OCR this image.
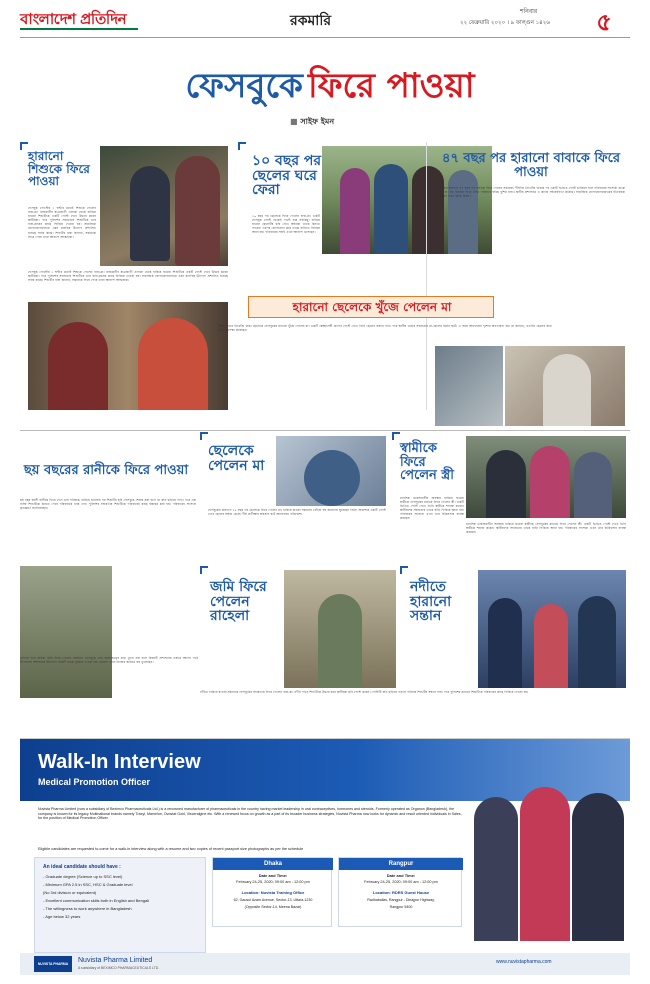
বাংলাদেশ প্রতিদিন	রকমারি
শনিবার
২২ ফেব্রুয়ারি ২০২০ । ৯ ফাল্গুন ১৪২৬	৫
ফেসবুকে ফিরে পাওয়া
■ সাইফ ইমন
হারানো শিশুকে ফিরে পাওয়া
ফেসবুক পোস্টের ১ ঘণ্টার মধ্যেই শিশুকে পেলেন বাবা-মা। রাজধানীর যাত্রাবাড়ী এলাকা থেকে হারিয়ে যাওয়া শিশুটিকে একটি পোস্ট দেখে উদ্ধার করেন স্থানীয়রা। পরে পুলিশের সহায়তায় শিশুটিকে তার বাবা-মায়ের কাছে ফিরিয়ে দেওয়া হয়। সামাজিক যোগাযোগমাধ্যমে এমন মানবিক উদ্যোগ প্রশংসিত হয়েছে সবার কাছে। শিশুটির বাবা জানান, সন্তানকে ফিরে পেয়ে তারা আনন্দে আত্মহারা।
ফেসবুক পোস্টের ১ ঘণ্টার মধ্যেই শিশুকে পেলেন বাবা-মা। রাজধানীর যাত্রাবাড়ী এলাকা থেকে হারিয়ে যাওয়া শিশুটিকে একটি পোস্ট দেখে উদ্ধার করেন স্থানীয়রা। পরে পুলিশের সহায়তায় শিশুটিকে তার বাবা-মায়ের কাছে ফিরিয়ে দেওয়া হয়। সামাজিক যোগাযোগমাধ্যমে এমন মানবিক উদ্যোগ প্রশংসিত হয়েছে সবার কাছে। শিশুটির বাবা জানান, সন্তানকে ফিরে পেয়ে তারা আনন্দে আত্মহারা।
১০ বছর পর ছেলের ঘরে ফেরা
১০ বছর পর ছেলেকে ফিরে পেলেন বাবা-মা। একটি ফেসবুক পোস্ট থেকেই পাল্টে যায় সবকিছু। হারিয়ে যাওয়া ছেলেটির ছবি দেখে স্বজনরা তাকে চিনতে পারেন। এরপর যোগাযোগ করে তাকে বাড়িতে ফিরিয়ে আনা হয়। পরিবারের সবাই এখন আনন্দে ভাসছেন।
৪৭ বছর পর হারানো বাবাকে ফিরে পাওয়া
ফেসবুকের কল্যাণে ৪৭ বছর পর বাবাকে ফিরে পেলেন সন্তানরা। দীর্ঘদিন নিখোঁজ থাকার পর একটি ভিডিও পোস্ট ভাইরাল হলে পরিবারের সদস্যরা তাকে খুঁজে পান। বৃদ্ধ বাবাকে ফিরে পেয়ে পরিবারে বইছে খুশির বন্যা। স্থানীয় প্রশাসনও এ কাজে সহযোগিতা করেছে। সামাজিক যোগাযোগমাধ্যমের ইতিবাচক ব্যবহারের এমন দৃষ্টান্ত বিরল।
হারানো ছেলেকে খুঁজে পেলেন মা
দীর্ঘদিন ধরে নিখোঁজ থাকা ছেলেকে ফেসবুকের মাধ্যমে খুঁজে পেলেন মা। একটি স্বেচ্ছাসেবী গ্রুপের পোস্ট দেখে তিনি ছেলের সন্ধান পান। পরে স্থানীয় থানার সহায়তায় মা-ছেলের মিলন ঘটে। এ সময় আবেগঘন দৃশ্যের অবতারণা হয়। মা জানান, এতদিন ছেলের জন্য তিনি অপেক্ষা করেছেন।
ছয় বছরের রানীকে ফিরে পাওয়া
ছয় বছর বয়সী রানীকে ফিরে পেল তার পরিবার। হারিয়ে যাওয়ার পর শিশুটির ছবি ফেসবুকে শেয়ার করা হলে তা দ্রুত ছড়িয়ে পড়ে। পরে এক ব্যক্তি শিশুটিকে চিনতে পেরে পরিবারকে খবর দেন। পুলিশের সহায়তায় শিশুটিকে পরিবারের কাছে হস্তান্তর করা হয়। পরিবারের সদস্যরা কৃতজ্ঞতা জানিয়েছেন।
ছেলেকে পেলেন মা
ফেসবুকের কল্যাণে ১৫ বছর পর ছেলেকে ফিরে পেলেন মা। হারিয়ে যাওয়া সন্তানের খোঁজে বহু জায়গায় ঘুরেছেন তিনি। অবশেষে একটি পোস্ট দেখে ছেলের সন্ধান মেলে। দীর্ঘ প্রতীক্ষার অবসান ঘটে আবেগঘন পরিবেশে।
স্বামীকে ফিরে পেলেন স্ত্রী
মানসিক ভারসাম্যহীন অবস্থায় হারিয়ে যাওয়া স্বামীকে ফেসবুকের মাধ্যমে ফিরে পেলেন স্ত্রী। একটি ভিডিও পোস্ট দেখে তিনি স্বামীকে শনাক্ত করেন। স্থানীয়দের সহায়তায় তাকে বাড়ি ফিরিয়ে আনা হয়। পরিবারের সদস্যরা এখন তার চিকিৎসার ব্যবস্থা করছেন।
মানসিক ভারসাম্যহীন অবস্থায় হারিয়ে যাওয়া স্বামীকে ফেসবুকের মাধ্যমে ফিরে পেলেন স্ত্রী। একটি ভিডিও পোস্ট দেখে তিনি স্বামীকে শনাক্ত করেন। স্থানীয়দের সহায়তায় তাকে বাড়ি ফিরিয়ে আনা হয়। পরিবারের সদস্যরা এখন তার চিকিৎসার ব্যবস্থা করছেন।
জমি ফিরে পেলেন রাহেলা
নদীতে হারানো সন্তান
বেদখল হয়ে যাওয়া জমি ফিরে পেলেন রাহেলা। ফেসবুকে তার অসহায়ত্বের কথা তুলে ধরা হলে বিষয়টি প্রশাসনের নজরে আসে। পরে উপজেলা প্রশাসনের উদ্যোগে জমিটি তাকে বুঝিয়ে দেওয়া হয়। রাহেলা এখন নিজের জমিতে ঘর তুলেছেন।
নদীতে হারিয়ে যাওয়া সন্তানকে ফেসবুকের সহায়তায় ফিরে পেলেন বাবা-মা। নদীর পাড়ে শিশুটিকে উদ্ধার করে স্থানীয়রা ছবি পোস্ট করেন। পোস্টটি দ্রুত ছড়িয়ে পড়লে পরিবার শিশুটির সন্ধান পায়। পরে পুলিশের মাধ্যমে শিশুটিকে পরিবারের কাছে ফিরিয়ে দেওয়া হয়।
Walk-In Interview
Medical Promotion Officer
Nuvista Pharma Limited (now a subsidiary of Beximco Pharmaceuticals Ltd.) is a renowned manufacturer of pharmaceuticals in the country having market leadership in oral contraceptives, hormones and steroids. Formerly operated as Organon (Bangladesh), the company is known for its legacy Multinational brands namely Traxyl, Marvelon, Ovostat Gold, Visceralgine etc. With a renewed focus on growth as a part of its broader business strategies, Nuvista Pharma now looks for dynamic and result oriented individuals in Sales, for the position of Medical Promotion Officer.
Eligible candidates are requested to come for a walk-in interview along with a resume and two copies of recent passport size photographs as per the schedule
An ideal candidate should have :
- Graduate degree (Science up to SSC level)
- Minimum GPA 2.5 in SSC, HSC & Graduate level
(No 3rd division or equivalent)
- Excellent communication skills both in English and Bengali
- The willingness to work anywhere in Bangladesh
- Age below 32 years
Dhaka
Date and Time:
February 24-25, 2020; 09:00 am - 12:00 pm
Location: Nuvista Training Office
62, Gausul Azam Avenue, Sector-13, Uttara-1230
(Opposite Sector-14, Meena Bazar)
Rangpur
Date and Time:
February 24-25, 2020; 09:00 am - 12:00 pm
Location: RDRS Guest House
Radhaballav, Rangpur - Dinajpur Highway,
Rangpur 5400
NUVISTA PHARMA	Nuvista Pharma Limited
A subsidiary of BEXIMCO PHARMACEUTICALS LTD.
www.nuvistapharma.com
